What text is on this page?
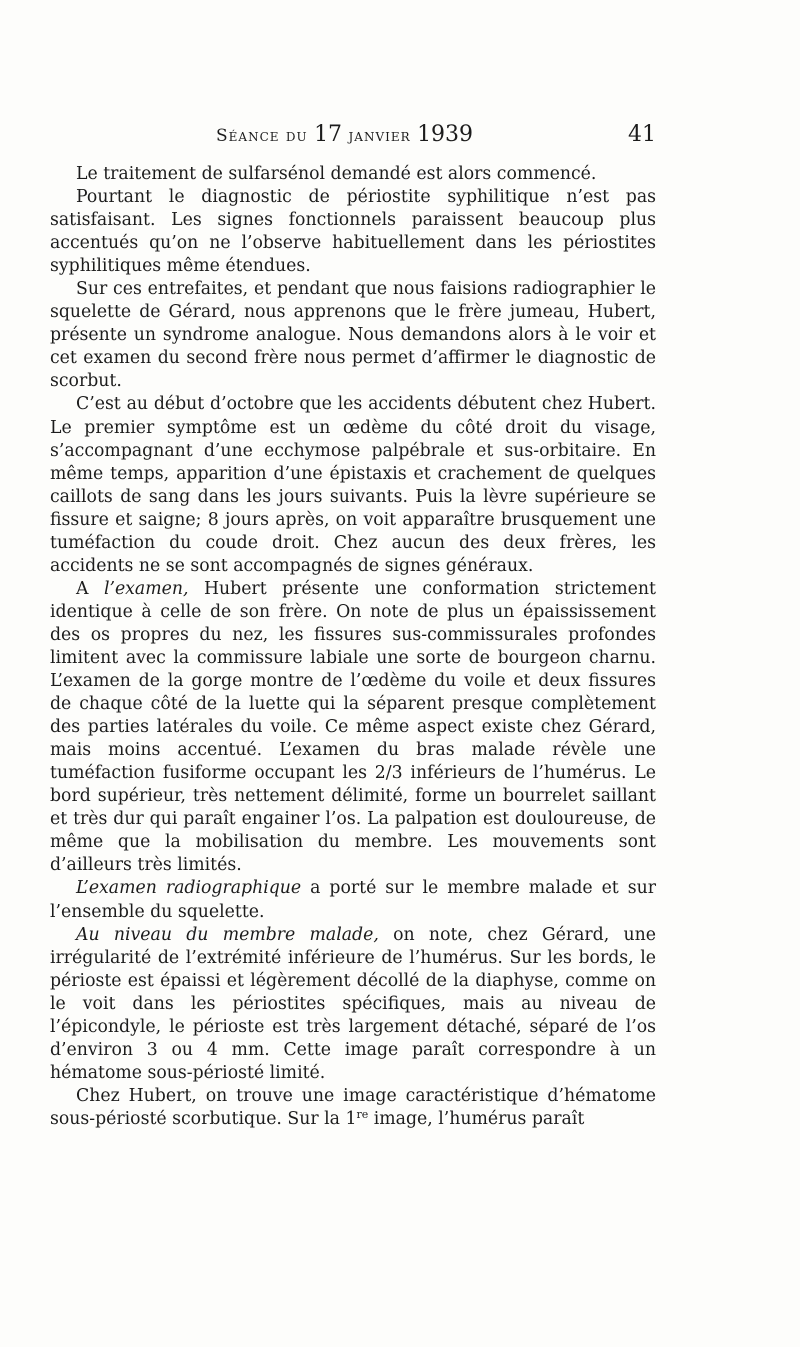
Séance du 17 janvier 1939	41

Le traitement de sulfarsénol demandé est alors commencé.

Pourtant le diagnostic de périostite syphilitique n’est pas satisfaisant. Les signes fonctionnels paraissent beaucoup plus accentués qu’on ne l’observe habituellement dans les périostites syphilitiques même étendues.

Sur ces entrefaites, et pendant que nous faisions radiographier le squelette de Gérard, nous apprenons que le frère jumeau, Hubert, présente un syndrome analogue. Nous demandons alors à le voir et cet examen du second frère nous permet d’affirmer le diagnostic de scorbut.

C’est au début d’octobre que les accidents débutent chez Hubert. Le premier symptôme est un œdème du côté droit du visage, s’accompagnant d’une ecchymose palpébrale et sus-orbitaire. En même temps, apparition d’une épistaxis et crachement de quelques caillots de sang dans les jours suivants. Puis la lèvre supérieure se fissure et saigne; 8 jours après, on voit apparaître brusquement une tuméfaction du coude droit. Chez aucun des deux frères, les accidents ne se sont accompagnés de signes généraux.

A l’examen, Hubert présente une conformation strictement identique à celle de son frère. On note de plus un épaississement des os propres du nez, les fissures sus-commissurales profondes limitent avec la commissure labiale une sorte de bourgeon charnu. L’examen de la gorge montre de l’œdème du voile et deux fissures de chaque côté de la luette qui la séparent presque complètement des parties latérales du voile. Ce même aspect existe chez Gérard, mais moins accentué. L’examen du bras malade révèle une tuméfaction fusiforme occupant les 2/3 inférieurs de l’humérus. Le bord supérieur, très nettement délimité, forme un bourrelet saillant et très dur qui paraît engainer l’os. La palpation est douloureuse, de même que la mobilisation du membre. Les mouvements sont d’ailleurs très limités.

L’examen radiographique a porté sur le membre malade et sur l’ensemble du squelette.

Au niveau du membre malade, on note, chez Gérard, une irrégularité de l’extrémité inférieure de l’humérus. Sur les bords, le périoste est épaissi et légèrement décollé de la diaphyse, comme on le voit dans les périostites spécifiques, mais au niveau de l’épicondyle, le périoste est très largement détaché, séparé de l’os d’environ 3 ou 4 mm. Cette image paraît correspondre à un hématome sous-périosté limité.

Chez Hubert, on trouve une image caractéristique d’hématome sous-périosté scorbutique. Sur la 1re image, l’humérus paraît
